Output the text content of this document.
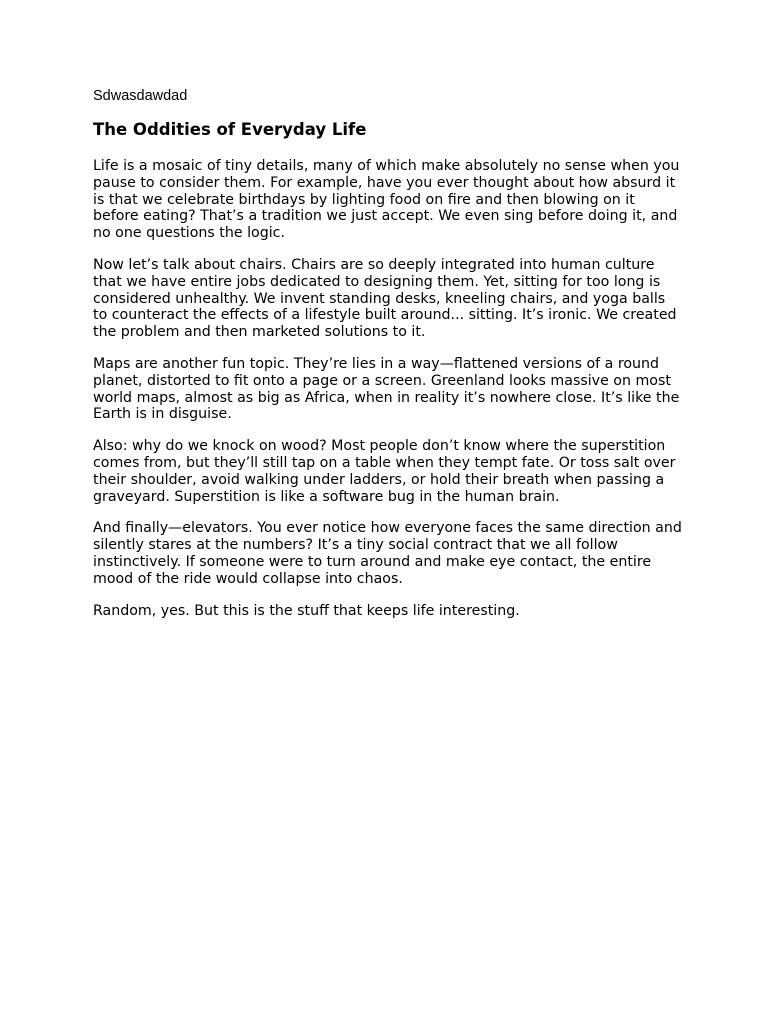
Sdwasdawdad
The Oddities of Everyday Life

Life is a mosaic of tiny details, many of which make absolutely no sense when you pause to consider them. For example, have you ever thought about how absurd it is that we celebrate birthdays by lighting food on fire and then blowing on it before eating? That’s a tradition we just accept. We even sing before doing it, and no one questions the logic.

Now let’s talk about chairs. Chairs are so deeply integrated into human culture that we have entire jobs dedicated to designing them. Yet, sitting for too long is considered unhealthy. We invent standing desks, kneeling chairs, and yoga balls to counteract the effects of a lifestyle built around... sitting. It’s ironic. We created the problem and then marketed solutions to it.

Maps are another fun topic. They’re lies in a way—flattened versions of a round planet, distorted to fit onto a page or a screen. Greenland looks massive on most world maps, almost as big as Africa, when in reality it’s nowhere close. It’s like the Earth is in disguise.

Also: why do we knock on wood? Most people don’t know where the superstition comes from, but they’ll still tap on a table when they tempt fate. Or toss salt over their shoulder, avoid walking under ladders, or hold their breath when passing a graveyard. Superstition is like a software bug in the human brain.

And finally—elevators. You ever notice how everyone faces the same direction and silently stares at the numbers? It’s a tiny social contract that we all follow instinctively. If someone were to turn around and make eye contact, the entire mood of the ride would collapse into chaos.

Random, yes. But this is the stuff that keeps life interesting.
